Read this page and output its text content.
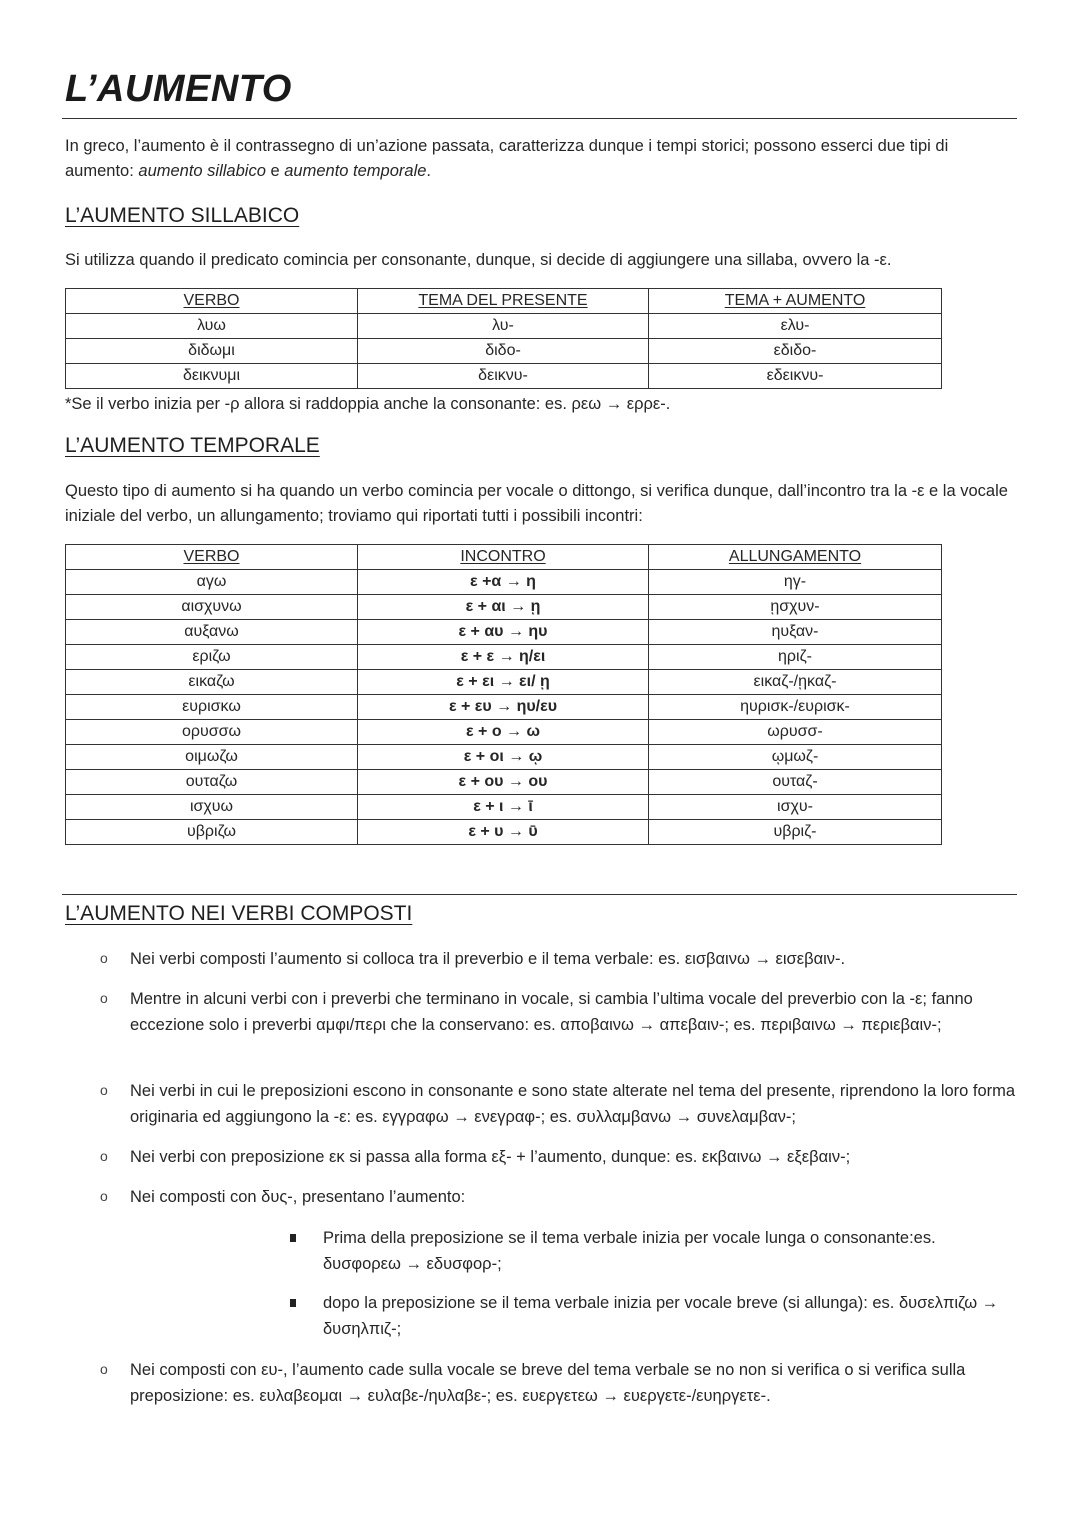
L’AUMENTO
In greco, l’aumento è il contrassegno di un’azione passata, caratterizza dunque i tempi storici; possono esserci due tipi di aumento: aumento sillabico e aumento temporale.
L’AUMENTO SILLABICO
Si utilizza quando il predicato comincia per consonante, dunque, si decide di aggiungere una sillaba, ovvero la -ε.
VERBO	TEMA DEL PRESENTE	TEMA + AUMENTO
λυω	λυ-	ελυ-
διδωμι	διδο-	εδιδο-
δεικνυμι	δεικνυ-	εδεικνυ-
*Se il verbo inizia per -ρ allora si raddoppia anche la consonante: es. ρεω → ερρε-.
L’AUMENTO TEMPORALE
Questo tipo di aumento si ha quando un verbo comincia per vocale o dittongo, si verifica dunque, dall’incontro tra la -ε e la vocale iniziale del verbo, un allungamento; troviamo qui riportati tutti i possibili incontri:
VERBO	INCONTRO	ALLUNGAMENTO
αγω	ε +α → η	ηγ-
αισχυνω	ε + αι → ῃ	ῃσχυν-
αυξανω	ε + αυ → ηυ	ηυξαν-
εριζω	ε + ε → η/ει	ηριζ-
εικαζω	ε + ει → ει/ ῃ	εικαζ-/ῃκαζ-
ευρισκω	ε + ευ → ηυ/ευ	ηυρισκ-/ευρισκ-
ορυσσω	ε + ο → ω	ωρυσσ-
οιμωζω	ε + οι → ῳ	ῳμωζ-
ουταζω	ε + ου → ου	ουταζ-
ισχυω	ε + ι → ῑ	ισχυ-
υβριζω	ε + υ → ῡ	υβριζ-
L’AUMENTO NEI VERBI COMPOSTI
o Nei verbi composti l’aumento si colloca tra il preverbio e il tema verbale: es. εισβαινω → εισεβαιν-.
o Mentre in alcuni verbi con i preverbi che terminano in vocale, si cambia l’ultima vocale del preverbio con la -ε; fanno eccezione solo i preverbi αμφι/περι che la conservano: es. αποβαινω → απεβαιν-; es. περιβαινω → περιεβαιν-;
o Nei verbi in cui le preposizioni escono in consonante e sono state alterate nel tema del presente, riprendono la loro forma originaria ed aggiungono la -ε: es. εγγραφω → ενεγραφ-; es. συλλαμβανω → συνελαμβαν-;
o Nei verbi con preposizione εκ si passa alla forma εξ- + l’aumento, dunque: es. εκβαινω → εξεβαιν-;
o Nei composti con δυς-, presentano l’aumento:
Prima della preposizione se il tema verbale inizia per vocale lunga o consonante:es. δυσφορεω → εδυσφορ-;
dopo la preposizione se il tema verbale inizia per vocale breve (si allunga): es. δυσελπιζω → δυσηλπιζ-;
o Nei composti con ευ-, l’aumento cade sulla vocale se breve del tema verbale se no non si verifica o si verifica sulla preposizione: es. ευλαβεομαι → ευλαβε-/ηυλαβε-; es. ευεργετεω → ευεργετε-/ευηργετε-.
